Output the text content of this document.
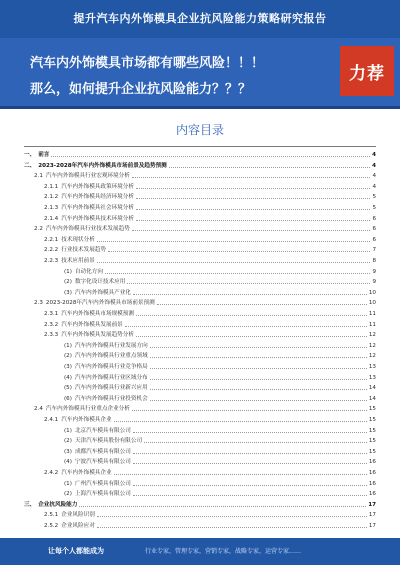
提升汽车内外饰模具企业抗风险能力策略研究报告
汽车内外饰模具市场都有哪些风险！！！
那么，如何提升企业抗风险能力？？？
力荐
内容目录
一、 前言	4
二、 2023-2028年汽车内外饰模具市场前景及趋势预测	4
2.1 汽车内外饰模具行业宏观环境分析	4
2.1.1 汽车内外饰模具政策环境分析	4
2.1.2 汽车内外饰模具经济环境分析	5
2.1.3 汽车内外饰模具社会环境分析	5
2.1.4 汽车内外饰模具技术环境分析	6
2.2 汽车内外饰模具行业技术发展趋势	6
2.2.1 技术现状分析	6
2.2.2 行业技术发展趋势	7
2.2.3 技术应用前景	8
(1) 自动化方向	9
(2) 数字化设计技术应用	9
(3) 汽车内外饰模具产业化	10
2.3 2023-2028年汽车内外饰模具市场前景预测	10
2.3.1 汽车内外饰模具市场规模预测	11
2.3.2 汽车内外饰模具发展前景	11
2.3.3 汽车内外饰模具发展趋势分析	12
(1) 汽车内外饰模具行业发展方向	12
(2) 汽车内外饰模具行业重点领域	12
(3) 汽车内外饰模具行业竞争格局	13
(4) 汽车内外饰模具行业区域分布	13
(5) 汽车内外饰模具行业新兴应用	14
(6) 汽车内外饰模具行业投资机会	14
2.4 汽车内外饰模具行业重点企业分析	15
2.4.1 汽车内外饰模具企业	15
(1) 北京汽车模具有限公司	15
(2) 天津汽车模具股份有限公司	15
(3) 成都汽车模具有限公司	15
(4) 宁波汽车模具有限公司	16
2.4.2 汽车内外饰模具企业	16
(1) 广州汽车模具有限公司	16
(2) 上海汽车模具有限公司	16
三、 企业抗风险能力	17
2.5.1 企业风险识别	17
2.5.2 企业风险应对	17
让每个人都能成为	行业专家，管理专家，营销专家，战略专家，运营专家……
